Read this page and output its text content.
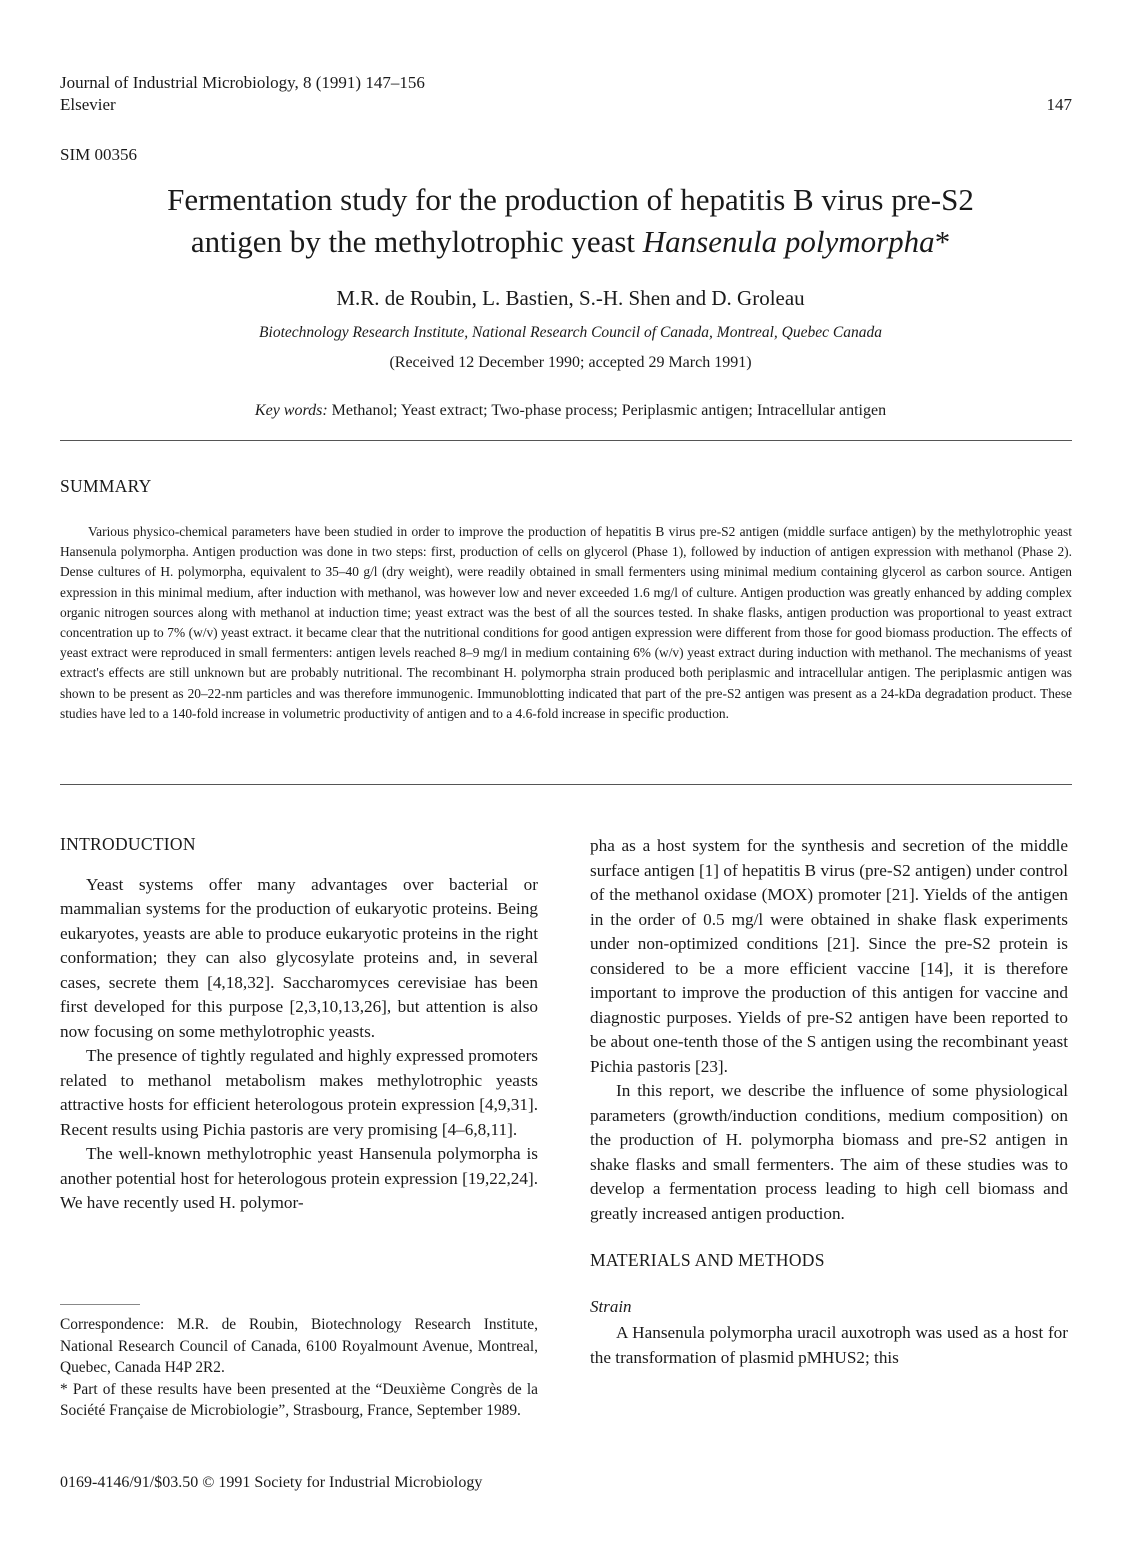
Journal of Industrial Microbiology, 8 (1991) 147–156
Elsevier	147
SIM 00356
Fermentation study for the production of hepatitis B virus pre-S2
antigen by the methylotrophic yeast Hansenula polymorpha*
M.R. de Roubin, L. Bastien, S.-H. Shen and D. Groleau
Biotechnology Research Institute, National Research Council of Canada, Montreal, Quebec Canada
(Received 12 December 1990; accepted 29 March 1991)
Key words: Methanol; Yeast extract; Two-phase process; Periplasmic antigen; Intracellular antigen
SUMMARY
Various physico-chemical parameters have been studied in order to improve the production of hepatitis B virus pre-S2 antigen (middle surface antigen) by the methylotrophic yeast Hansenula polymorpha. Antigen production was done in two steps: first, production of cells on glycerol (Phase 1), followed by induction of antigen expression with methanol (Phase 2). Dense cultures of H. polymorpha, equivalent to 35–40 g/l (dry weight), were readily obtained in small fermenters using minimal medium containing glycerol as carbon source. Antigen expression in this minimal medium, after induction with methanol, was however low and never exceeded 1.6 mg/l of culture. Antigen production was greatly enhanced by adding complex organic nitrogen sources along with methanol at induction time; yeast extract was the best of all the sources tested. In shake flasks, antigen production was proportional to yeast extract concentration up to 7% (w/v) yeast extract. it became clear that the nutritional conditions for good antigen expression were different from those for good biomass production. The effects of yeast extract were reproduced in small fermenters: antigen levels reached 8–9 mg/l in medium containing 6% (w/v) yeast extract during induction with methanol. The mechanisms of yeast extract's effects are still unknown but are probably nutritional. The recombinant H. polymorpha strain produced both periplasmic and intracellular antigen. The periplasmic antigen was shown to be present as 20–22-nm particles and was therefore immunogenic. Immunoblotting indicated that part of the pre-S2 antigen was present as a 24-kDa degradation product. These studies have led to a 140-fold increase in volumetric productivity of antigen and to a 4.6-fold increase in specific production.
INTRODUCTION

Yeast systems offer many advantages over bacterial or mammalian systems for the production of eukaryotic proteins. Being eukaryotes, yeasts are able to produce eukaryotic proteins in the right conformation; they can also glycosylate proteins and, in several cases, secrete them [4,18,32]. Saccharomyces cerevisiae has been first developed for this purpose [2,3,10,13,26], but attention is also now focusing on some methylotrophic yeasts.

The presence of tightly regulated and highly expressed promoters related to methanol metabolism makes methylotrophic yeasts attractive hosts for efficient heterologous protein expression [4,9,31]. Recent results using Pichia pastoris are very promising [4–6,8,11].

The well-known methylotrophic yeast Hansenula polymorpha is another potential host for heterologous protein expression [19,22,24]. We have recently used H. polymor-

Correspondence: M.R. de Roubin, Biotechnology Research Institute, National Research Council of Canada, 6100 Royalmount Avenue, Montreal, Quebec, Canada H4P 2R2.

* Part of these results have been presented at the “Deuxième Congrès de la Société Française de Microbiologie”, Strasbourg, France, September 1989.

0169-4146/91/$03.50 © 1991 Society for Industrial Microbiology

pha as a host system for the synthesis and secretion of the middle surface antigen [1] of hepatitis B virus (pre-S2 antigen) under control of the methanol oxidase (MOX) promoter [21]. Yields of the antigen in the order of 0.5 mg/l were obtained in shake flask experiments under non-optimized conditions [21]. Since the pre-S2 protein is considered to be a more efficient vaccine [14], it is therefore important to improve the production of this antigen for vaccine and diagnostic purposes. Yields of pre-S2 antigen have been reported to be about one-tenth those of the S antigen using the recombinant yeast Pichia pastoris [23].

In this report, we describe the influence of some physiological parameters (growth/induction conditions, medium composition) on the production of H. polymorpha biomass and pre-S2 antigen in shake flasks and small fermenters. The aim of these studies was to develop a fermentation process leading to high cell biomass and greatly increased antigen production.

MATERIALS AND METHODS
Strain

A Hansenula polymorpha uracil auxotroph was used as a host for the transformation of plasmid pMHUS2; this
